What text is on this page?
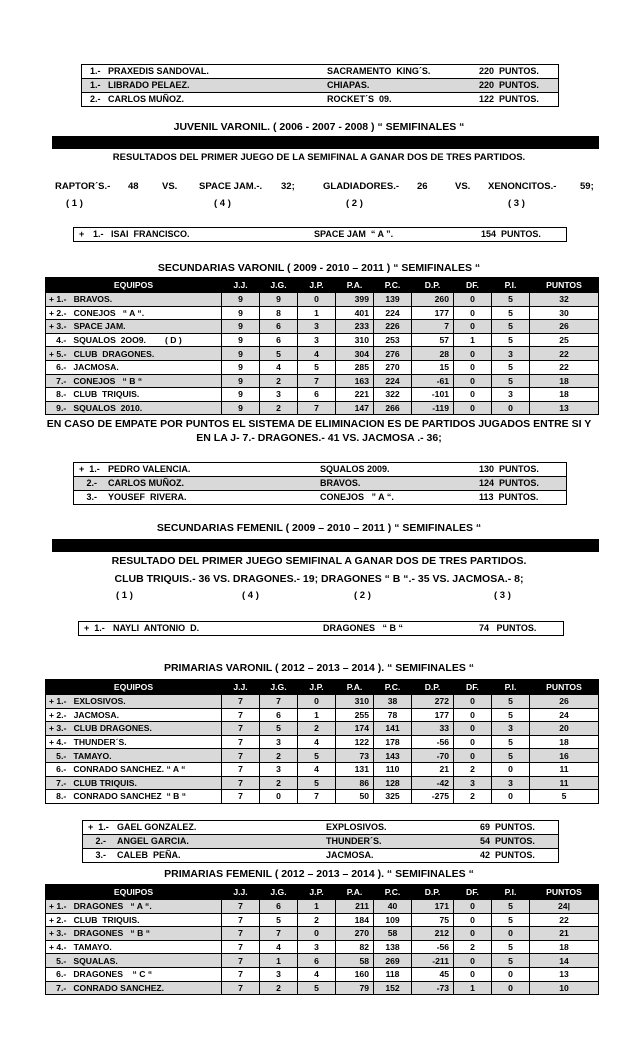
1.- PRAXEDIS SANDOVAL.	SACRAMENTO  KING´S.	220  PUNTOS.
1.- LIBRADO PELAEZ.	CHIAPAS.	220  PUNTOS.
2.- CARLOS MUÑOZ.	ROCKET´S  09.	122  PUNTOS.
JUVENIL VARONIL. ( 2006 - 2007 - 2008 ) “ SEMIFINALES “
RESULTADOS DEL PRIMER JUEGO DE LA SEMIFINAL A GANAR DOS DE TRES PARTIDOS.
RAPTOR´S.- 48 VS. SPACE JAM.-. 32;	GLADIADORES.- 26	VS. XENONCITOS.- 59;
( 1 )	( 4 )	( 2 )	( 3 )
+ 1.- ISAI  FRANCISCO.	SPACE JAM  “ A ”.	154  PUNTOS.
SECUNDARIAS VARONIL ( 2009 - 2010 – 2011 ) “ SEMIFINALES “
EQUIPOS	J.J.	J.G.	J.P.	P.A.	P.C.	D.P.	DF.	P.I.	PUNTOS
+ 1.-   BRAVOS.	9	9	0	399	139	260	0	5	32
+ 2.-   CONEJOS   “ A “.	9	8	1	401	224	177	0	5	30
+ 3.-   SPACE JAM.	9	6	3	233	226	7	0	5	26
4.-   SQUALOS  2OO9.        ( D )	9	6	3	310	253	57	1	5	25
+ 5.-   CLUB  DRAGONES.	9	5	4	304	276	28	0	3	22
6.-   JACMOSA.	9	4	5	285	270	15	0	5	22
7.-   CONEJOS   “ B “	9	2	7	163	224	-61	0	5	18
8.-   CLUB  TRIQUIS.	9	3	6	221	322	-101	0	3	18
9.-   SQUALOS  2010.	9	2	7	147	266	-119	0	0	13
EN CASO DE EMPATE POR PUNTOS EL SISTEMA DE ELIMINACION ES DE PARTIDOS JUGADOS ENTRE SI Y
EN LA J- 7.- DRAGONES.- 41 VS. JACMOSA .- 36;
+  1.- PEDRO VALENCIA.	SQUALOS 2009.	130  PUNTOS.
2.- CARLOS MUÑOZ.	BRAVOS.	124  PUNTOS.
3.- YOUSEF  RIVERA.	CONEJOS   ” A “.	113  PUNTOS.
SECUNDARIAS FEMENIL ( 2009 – 2010 – 2011 ) “ SEMIFINALES “
RESULTADO DEL PRIMER JUEGO SEMIFINAL A GANAR DOS DE TRES PARTIDOS.
CLUB TRIQUIS.- 36 VS. DRAGONES.- 19; DRAGONES “ B “.- 35 VS. JACMOSA.- 8;
( 1 )	( 4 )	( 2 )	( 3 )
+  1.- NAYLI  ANTONIO  D.	DRAGONES   “ B “	74   PUNTOS.
PRIMARIAS VARONIL ( 2012 – 2013 – 2014 ). “ SEMIFINALES “
EQUIPOS	J.J.	J.G.	J.P.	P.A.	P.C.	D.P.	DF.	P.I.	PUNTOS
+ 1.-   EXLOSIVOS.	7	7	0	310	38	272	0	5	26
+ 2.-   JACMOSA.	7	6	1	255	78	177	0	5	24
+ 3.-   CLUB DRAGONES.	7	5	2	174	141	33	0	3	20
+ 4.-   THUNDER´S.	7	3	4	122	178	-56	0	5	18
5.-   TAMAYO.	7	2	5	73	143	-70	0	5	16
6.-   CONRADO SANCHEZ. “ A “	7	3	4	131	110	21	2	0	11
7.-   CLUB TRIQUIS.	7	2	5	86	128	-42	3	3	11
8.-   CONRADO SANCHEZ  “ B “	7	0	7	50	325	-275	2	0	5
+  1.- GAEL GONZALEZ.	EXPLOSIVOS.	69  PUNTOS.
2.- ANGEL GARCIA.	THUNDER´S.	54  PUNTOS.
3.- CALEB  PEÑA.	JACMOSA.	42  PUNTOS.
PRIMARIAS FEMENIL ( 2012 – 2013 – 2014 ). “ SEMIFINALES “
EQUIPOS	J.J.	J.G.	J.P.	P.A.	P.C.	D.P.	DF.	P.I.	PUNTOS
+ 1.-   DRAGONES   “ A “.	7	6	1	211	40	171	0	5	24|
+ 2.-   CLUB  TRIQUIS.	7	5	2	184	109	75	0	5	22
+ 3.-   DRAGONES   “ B “	7	7	0	270	58	212	0	0	21
+ 4.-   TAMAYO.	7	4	3	82	138	-56	2	5	18
5.-   SQUALAS.	7	1	6	58	269	-211	0	5	14
6.-   DRAGONES    “ C “	7	3	4	160	118	45	0	0	13
7.-   CONRADO SANCHEZ.	7	2	5	79	152	-73	1	0	10
